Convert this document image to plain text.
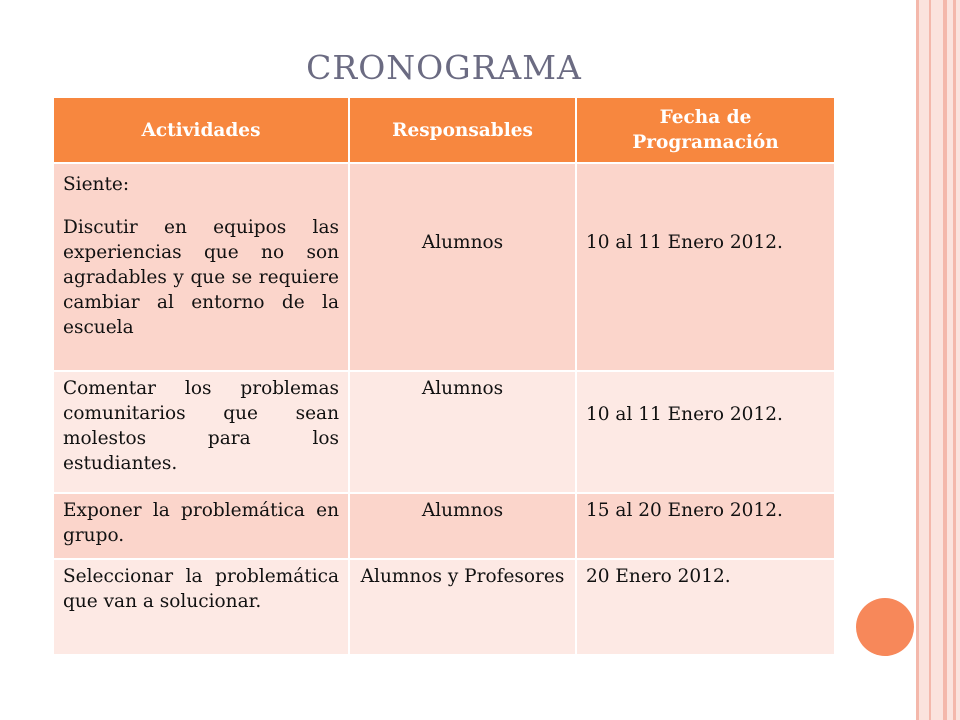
CRONOGRAMA
Actividades	Responsables	Fecha de Programación

Siente:
Discutir en equipos las experiencias que no son agradables y que se requiere cambiar al entorno de la escuela	Alumnos	10 al 11 Enero 2012.
Comentar los problemas comunitarios que sean molestos para los estudiantes.	Alumnos	10 al 11 Enero 2012.
Exponer la problemática en grupo.	Alumnos	15 al 20 Enero 2012.
Seleccionar la problemática que van a solucionar.	Alumnos y Profesores	20 Enero 2012.
